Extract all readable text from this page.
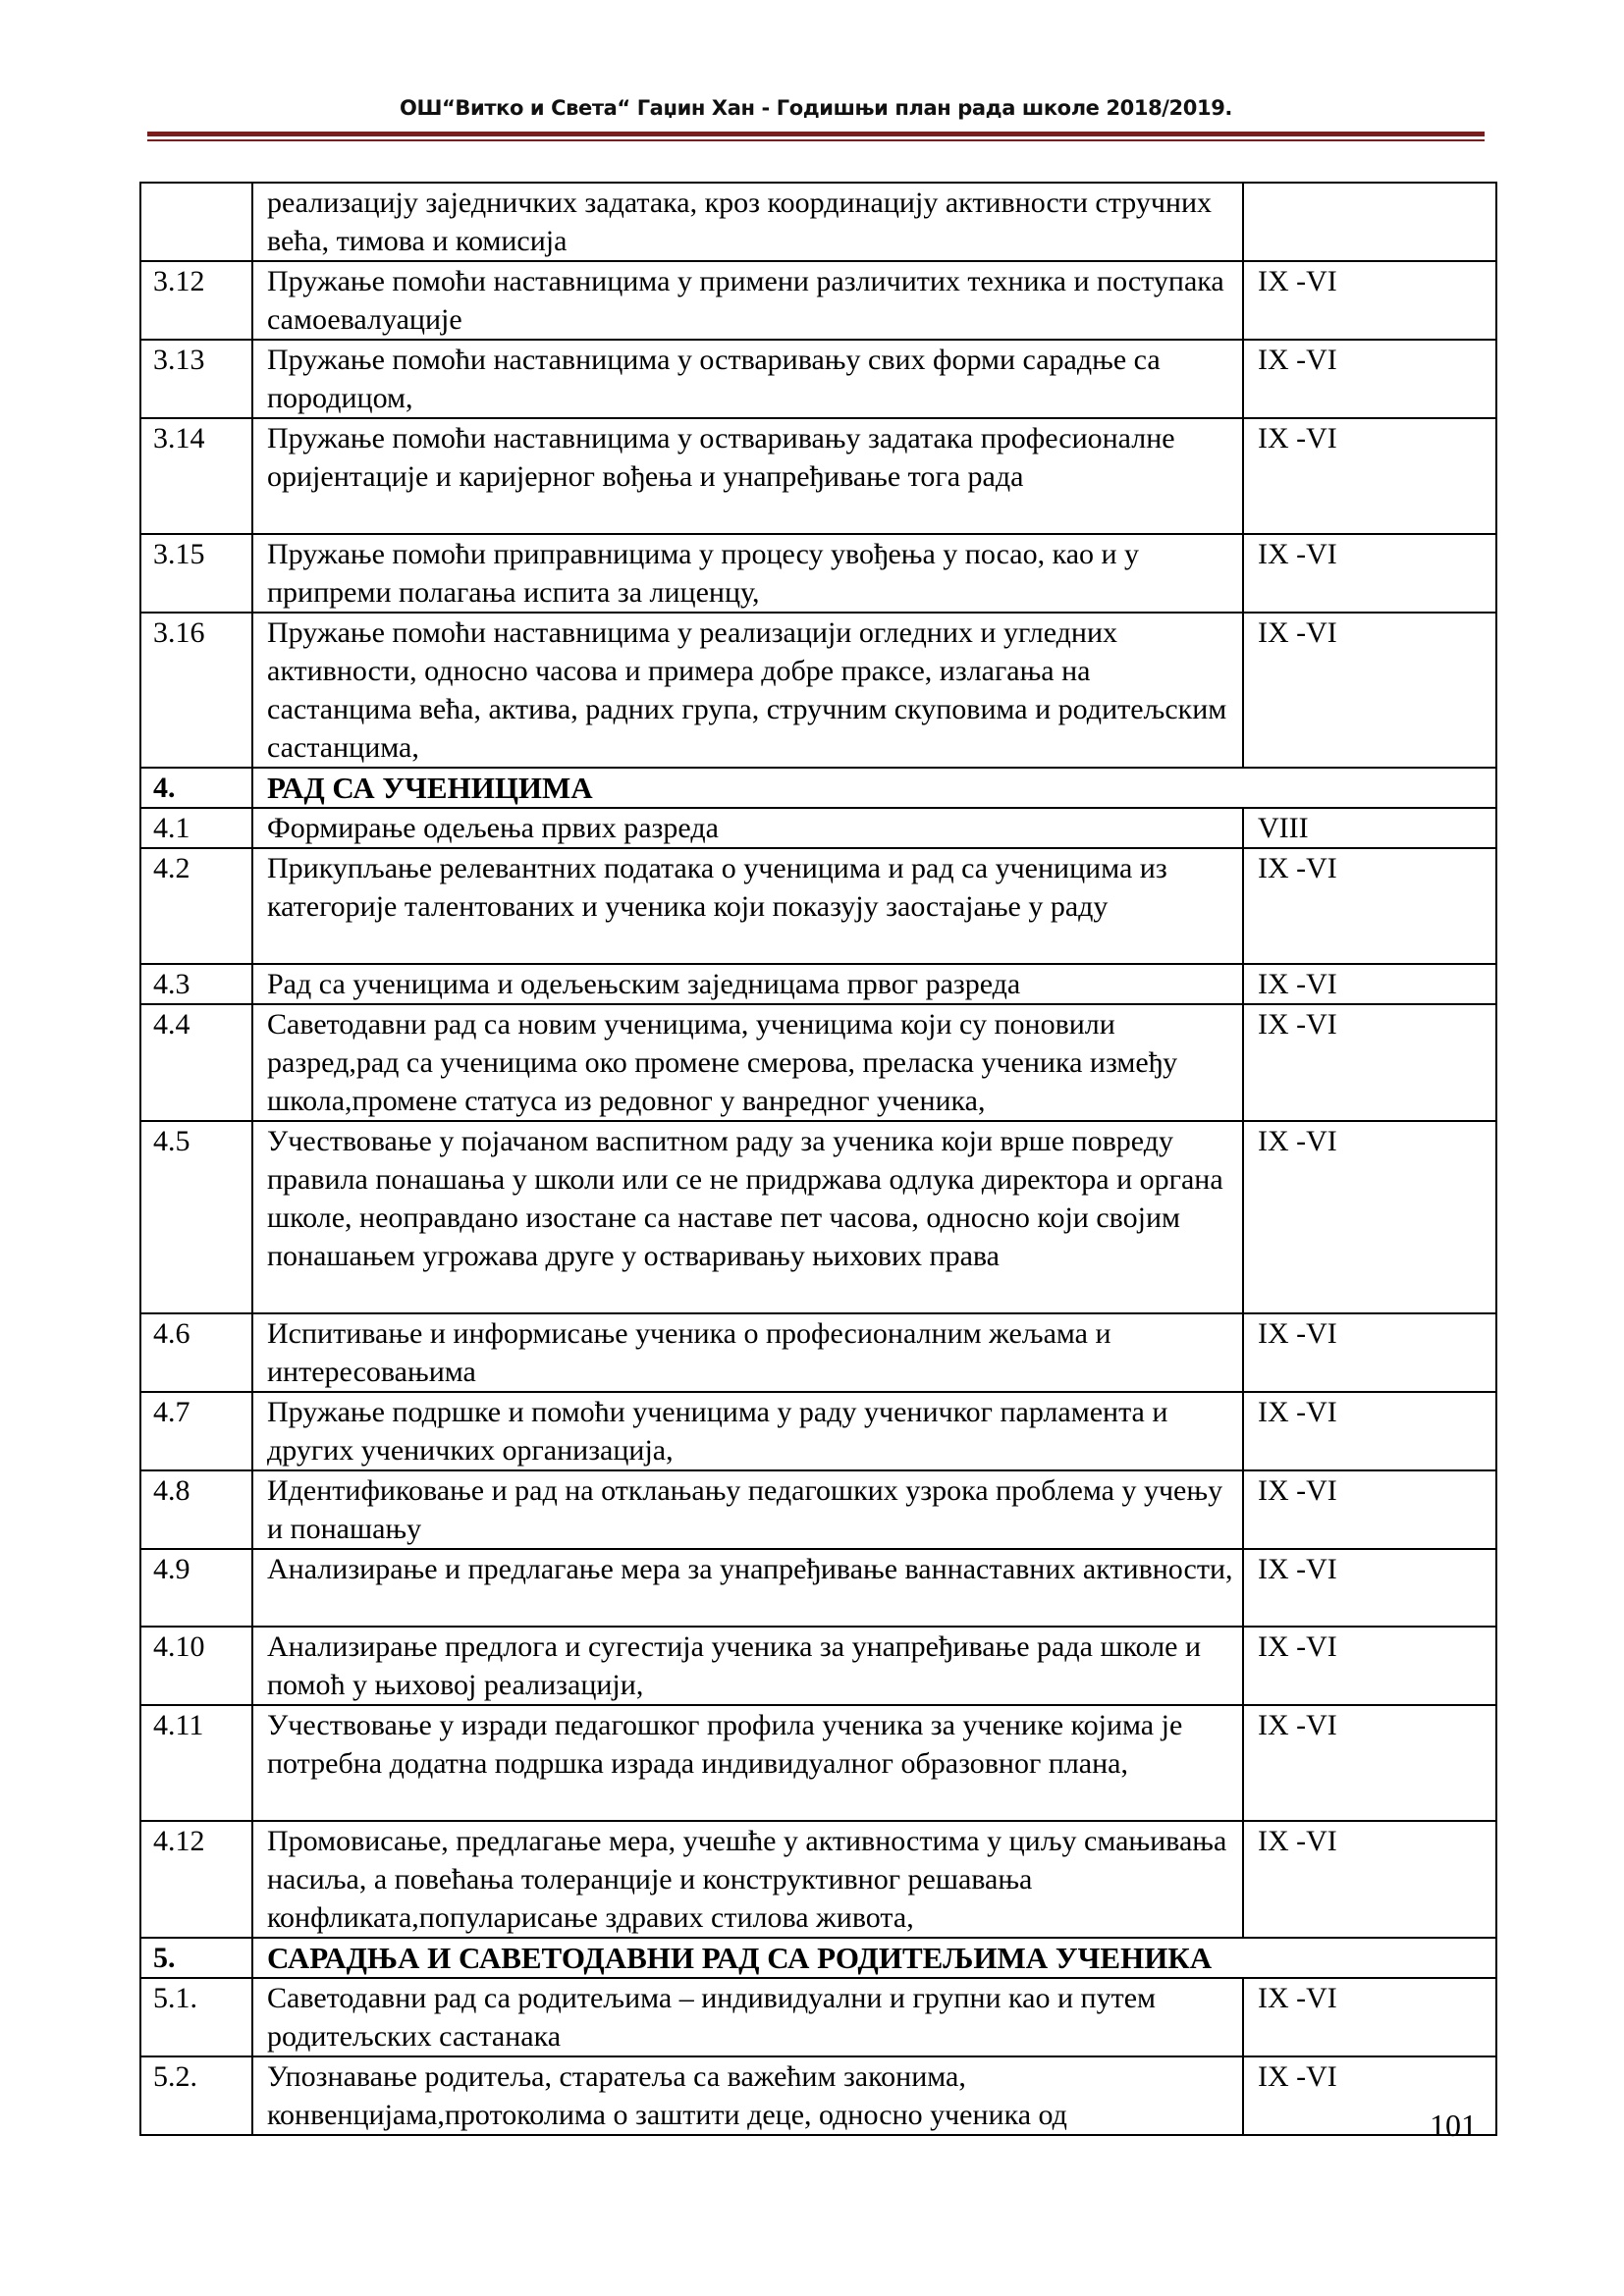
ОШ“Витко и Света“ Гаџин Хан - Годишњи план рада школе 2018/2019.
	реализацију заједничких задатака, кроз координацију активности стручних већа, тимова и комисија	
3.12	Пружање помоћи наставницима у примени различитих техника и поступака самоевалуације	IX -VI
3.13	Пружање помоћи наставницима у остваривању свих форми сарадње са породицом,	IX -VI
3.14	Пружање помоћи наставницима у остваривању задатака професионалне оријентације и каријерног вођења и унапређивање тога рада	IX -VI
3.15	Пружање помоћи приправницима у процесу увођења у посао, као и у припреми полагања испита за лиценцу,	IX -VI
3.16	Пружање помоћи наставницима у реализацији огледних и угледних активности, односно часова и примера добре праксе, излагања на састанцима већа, актива, радних група, стручним скуповима и родитељским састанцима,	IX -VI
4.	РАД СА УЧЕНИЦИМА	
4.1	Формирање одељења првих разреда	VIII
4.2	Прикупљање релевантних података о ученицима и рад са ученицима из категорије талентованих и ученика који показују заостајање у раду	IX -VI
4.3	Рад са ученицима и одељењским заједницама првог разреда	IX -VI
4.4	Саветодавни рад са новим ученицима, ученицима који су поновили разред,рад са ученицима око промене смерова, преласка ученика између школа,промене статуса из редовног у ванредног ученика,	IX -VI
4.5	Учествовање у појачаном васпитном раду за ученика који врше повреду правила понашања у школи или се не придржава одлука директора и органа школе, неоправдано изостане са наставе пет часова, односно који својим понашањем угрожава друге у остваривању њихових права	IX -VI
4.6	Испитивање и информисање ученика о професионалним жељама и интересовањима	IX -VI
4.7	Пружање подршке и помоћи ученицима у раду ученичког парламента и других ученичких организација,	IX -VI
4.8	Идентификовање и рад на отклањању педагошких узрока проблема у учењу и понашању	IX -VI
4.9	Анализирање и предлагање мера за унапређивање ваннаставних активности,	IX -VI
4.10	Анализирање предлога и сугестија ученика за унапређивање рада школе и помоћ у њиховој реализацији,	IX -VI
4.11	Учествовање у изради педагошког профила ученика за ученике којима је потребна додатна подршка израда индивидуалног образовног плана,	IX -VI
4.12	Промовисање, предлагање мера, учешће у активностима у циљу смањивања насиља, а повећања толеранције и конструктивног решавања конфликата,популарисање здравих стилова живота,	IX -VI
5.	САРАДЊА И САВЕТОДАВНИ РАД СА РОДИТЕЉИМА УЧЕНИКА	
5.1.	Саветодавни рад са родитељима – индивидуални и групни као и путем родитељских састанака	IX -VI
5.2.	Упознавање родитеља, старатеља са важећим законима, конвенцијама,протоколима о заштити деце, односно ученика од	IX -VI
101
